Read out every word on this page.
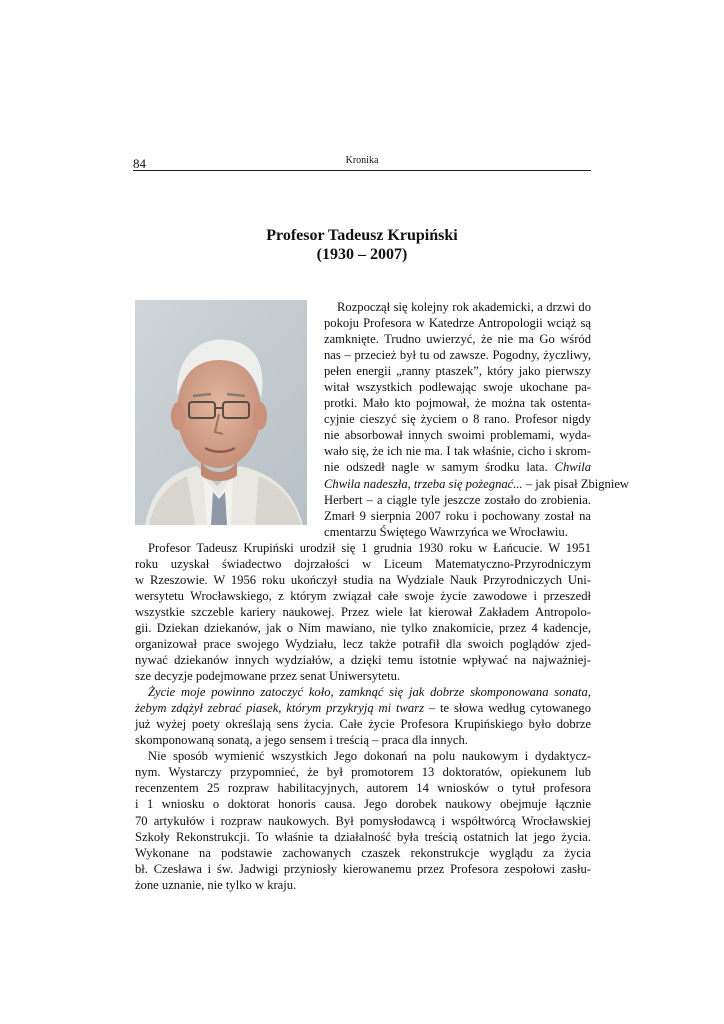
84	Kronika
Profesor Tadeusz Krupiński
(1930 – 2007)
Rozpoczął się kolejny rok akademicki, a drzwi do
pokoju Profesora w Katedrze Antropologii wciąż są
zamknięte. Trudno uwierzyć, że nie ma Go wśród
nas – przecież był tu od zawsze. Pogodny, życzliwy,
pełen energii „ranny ptaszek”, który jako pierwszy
witał wszystkich podlewając swoje ukochane pa-
protki. Mało kto pojmował, że można tak ostenta-
cyjnie cieszyć się życiem o 8 rano. Profesor nigdy
nie absorbował innych swoimi problemami, wyda-
wało się, że ich nie ma. I tak właśnie, cicho i skrom-
nie odszedł nagle w samym środku lata. Chwila
Chwila nadeszła, trzeba się pożegnać... – jak pisał Zbigniew
Herbert – a ciągle tyle jeszcze zostało do zrobienia.
Zmarł 9 sierpnia 2007 roku i pochowany został na
cmentarzu Świętego Wawrzyńca we Wrocławiu.
Profesor Tadeusz Krupiński urodził się 1 grudnia 1930 roku w Łańcucie. W 1951
roku uzyskał świadectwo dojrzałości w Liceum Matematyczno-Przyrodniczym
w Rzeszowie. W 1956 roku ukończył studia na Wydziale Nauk Przyrodniczych Uni-
wersytetu Wrocławskiego, z którym związał całe swoje życie zawodowe i przeszedł
wszystkie szczeble kariery naukowej. Przez wiele lat kierował Zakładem Antropolo-
gii. Dziekan dziekanów, jak o Nim mawiano, nie tylko znakomicie, przez 4 kadencje,
organizował prace swojego Wydziału, lecz także potrafił dla swoich poglądów zjed-
nywać dziekanów innych wydziałów, a dzięki temu istotnie wpływać na najważniej-
sze decyzje podejmowane przez senat Uniwersytetu.
Życie moje powinno zatoczyć koło, zamknąć się jak dobrze skomponowana sonata,
żebym zdążył zebrać piasek, którym przykryją mi twarz – te słowa według cytowanego
już wyżej poety określają sens życia. Całe życie Profesora Krupińskiego było dobrze
skomponowaną sonatą, a jego sensem i treścią – praca dla innych.
Nie sposób wymienić wszystkich Jego dokonań na polu naukowym i dydaktycz-
nym. Wystarczy przypomnieć, że był promotorem 13 doktoratów, opiekunem lub
recenzentem 25 rozpraw habilitacyjnych, autorem 14 wniosków o tytuł profesora
i 1 wniosku o doktorat honoris causa. Jego dorobek naukowy obejmuje łącznie
70 artykułów i rozpraw naukowych. Był pomysłodawcą i współtwórcą Wrocławskiej
Szkoły Rekonstrukcji. To właśnie ta działalność była treścią ostatnich lat jego życia.
Wykonane na podstawie zachowanych czaszek rekonstrukcje wyglądu za życia
bł. Czesława i św. Jadwigi przyniosły kierowanemu przez Profesora zespołowi zasłu-
żone uznanie, nie tylko w kraju.
